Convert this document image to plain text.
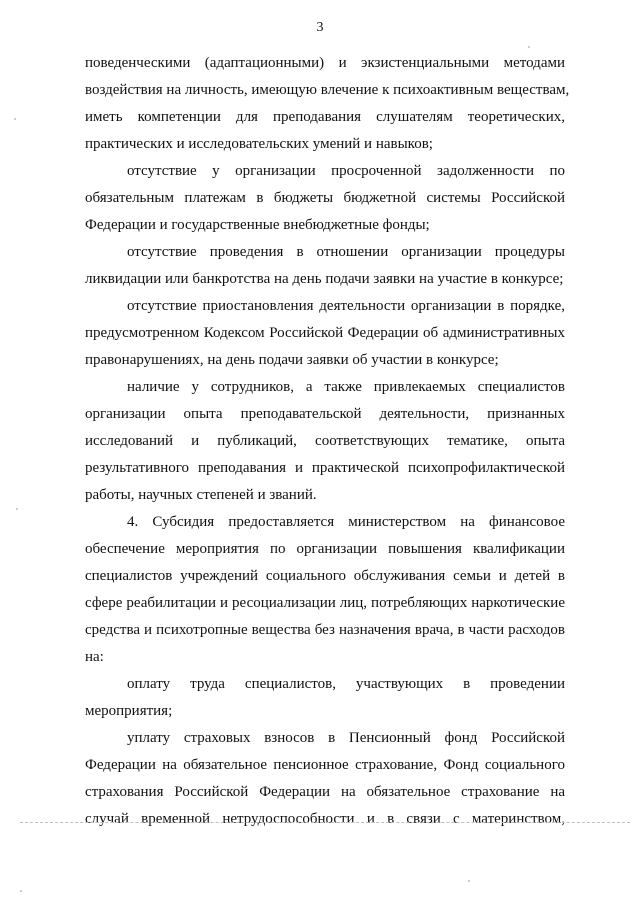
3
поведенческими (адаптационными) и экзистенциальными методами
воздействия на личность, имеющую влечение к психоактивным веществам,
иметь компетенции для преподавания слушателям теоретических,
практических и исследовательских умений и навыков;
отсутствие у организации просроченной задолженности по
обязательным платежам в бюджеты бюджетной системы Российской
Федерации и государственные внебюджетные фонды;
отсутствие проведения в отношении организации процедуры
ликвидации или банкротства на день подачи заявки на участие в конкурсе;
отсутствие приостановления деятельности организации в порядке,
предусмотренном Кодексом Российской Федерации об административных
правонарушениях, на день подачи заявки об участии в конкурсе;
наличие у сотрудников, а также привлекаемых специалистов
организации опыта преподавательской деятельности, признанных
исследований и публикаций, соответствующих тематике, опыта
результативного преподавания и практической психопрофилактической
работы, научных степеней и званий.
4. Субсидия предоставляется министерством на финансовое
обеспечение мероприятия по организации повышения квалификации
специалистов учреждений социального обслуживания семьи и детей в
сфере реабилитации и ресоциализации лиц, потребляющих наркотические
средства и психотропные вещества без назначения врача, в части расходов
на:
оплату труда специалистов, участвующих в проведении
мероприятия;
уплату страховых взносов в Пенсионный фонд Российской
Федерации на обязательное пенсионное страхование, Фонд социального
страхования Российской Федерации на обязательное страхование на
случай временной нетрудоспособности и в связи с материнством,
